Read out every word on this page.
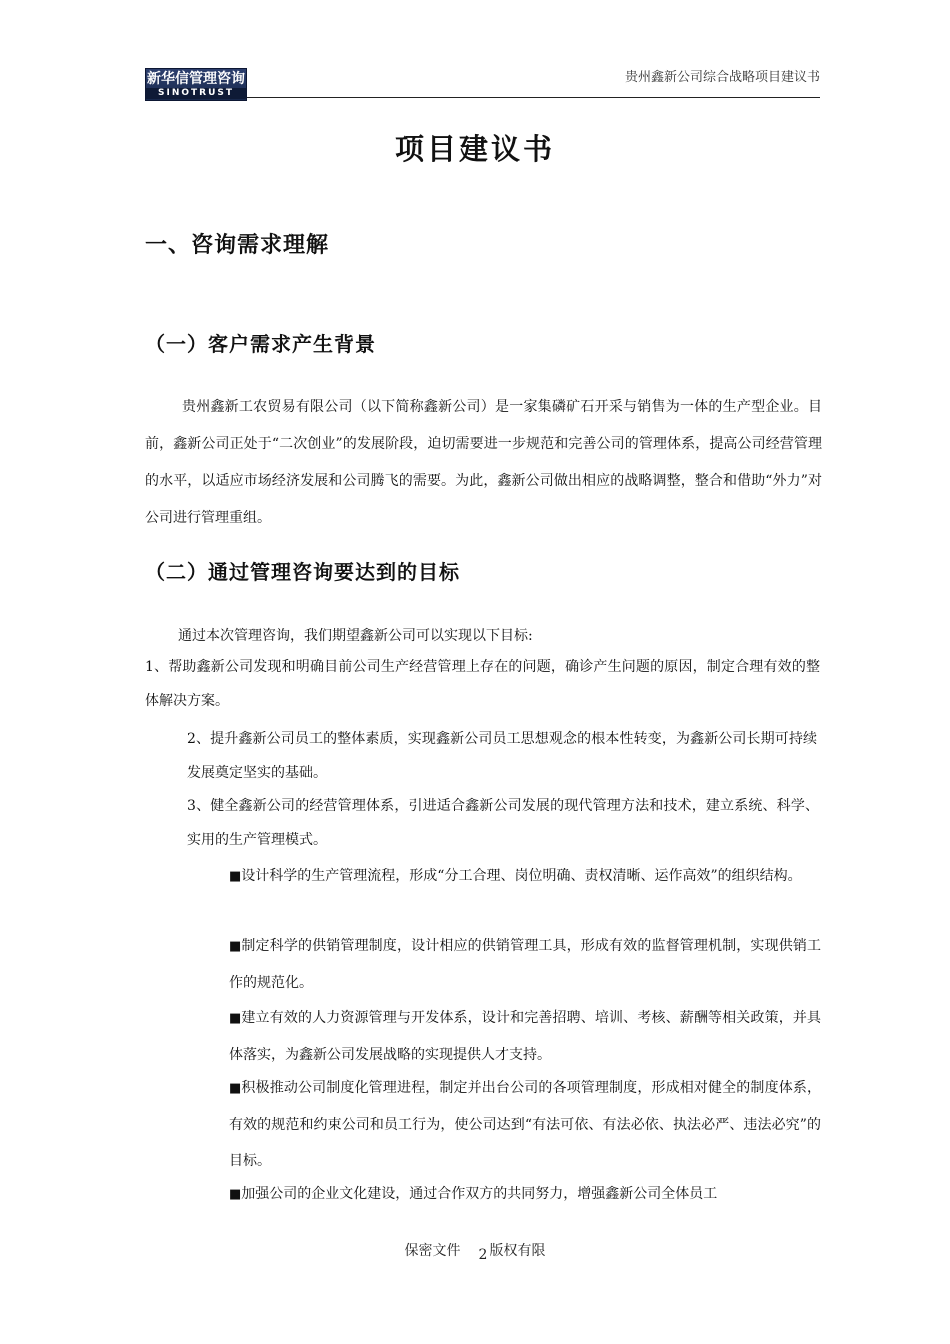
新华信管理咨询
SINOTRUST
贵州鑫新公司综合战略项目建议书
项目建议书
一、咨询需求理解
（一）客户需求产生背景

贵州鑫新工农贸易有限公司（以下简称鑫新公司）是一家集磷矿石开采与销售为一体的生产型企业。目前，鑫新公司正处于“二次创业”的发展阶段，迫切需要进一步规范和完善公司的管理体系，提高公司经营管理的水平，以适应市场经济发展和公司腾飞的需要。为此，鑫新公司做出相应的战略调整，整合和借助“外力”对公司进行管理重组。

（二）通过管理咨询要达到的目标

通过本次管理咨询，我们期望鑫新公司可以实现以下目标:

1、帮助鑫新公司发现和明确目前公司生产经营管理上存在的问题，确诊产生问题的原因，制定合理有效的整体解决方案。

2、提升鑫新公司员工的整体素质，实现鑫新公司员工思想观念的根本性转变，为鑫新公司长期可持续发展奠定坚实的基础。

3、健全鑫新公司的经营管理体系，引进适合鑫新公司发展的现代管理方法和技术，建立系统、科学、实用的生产管理模式。

■设计科学的生产管理流程，形成“分工合理、岗位明确、责权清晰、运作高效”的组织结构。

■制定科学的供销管理制度，设计相应的供销管理工具，形成有效的监督管理机制，实现供销工作的规范化。

■建立有效的人力资源管理与开发体系，设计和完善招聘、培训、考核、薪酬等相关政策，并具体落实，为鑫新公司发展战略的实现提供人才支持。

■积极推动公司制度化管理进程，制定并出台公司的各项管理制度，形成相对健全的制度体系，有效的规范和约束公司和员工行为，使公司达到“有法可依、有法必依、执法必严、违法必究”的目标。

■加强公司的企业文化建设，通过合作双方的共同努力，增强鑫新公司全体员工

保密文件 2 版权有限
